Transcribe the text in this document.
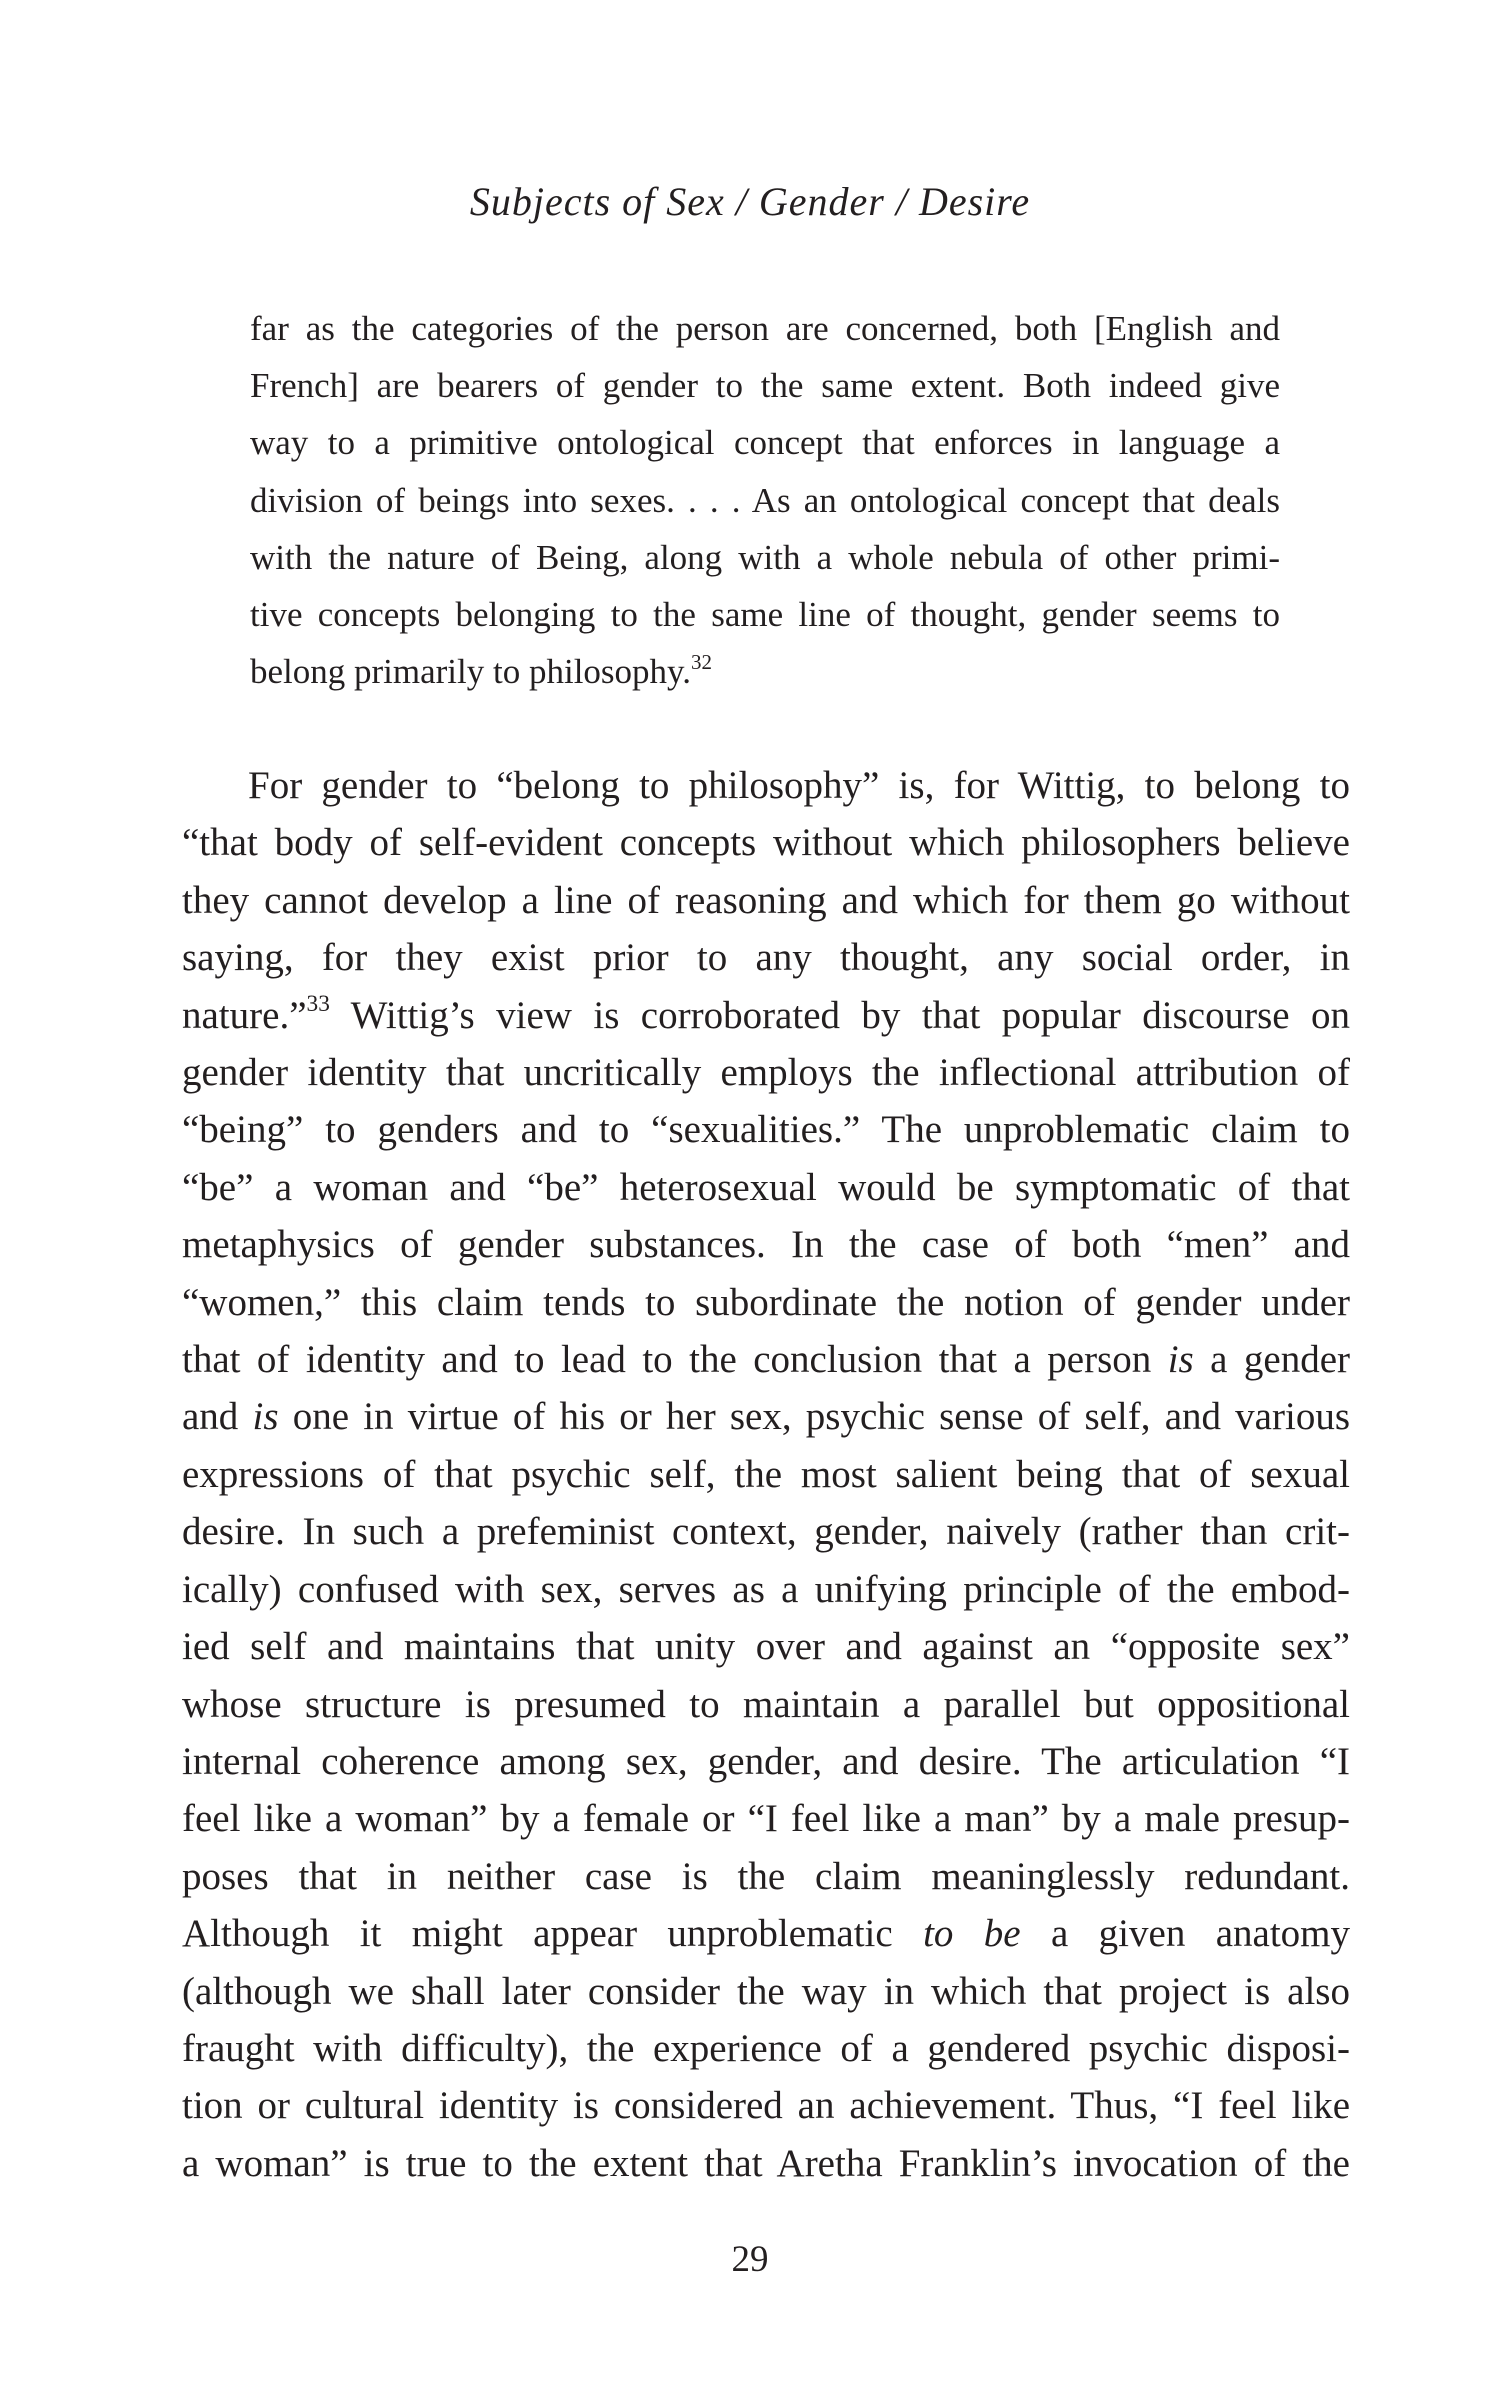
Subjects of Sex / Gender / Desire
far as the categories of the person are concerned, both [English and
French] are bearers of gender to the same extent. Both indeed give
way to a primitive ontological concept that enforces in language a
division of beings into sexes. . . . As an ontological concept that deals
with the nature of Being, along with a whole nebula of other primi-
tive concepts belonging to the same line of thought, gender seems to
belong primarily to philosophy.$^{32}$
For gender to “belong to philosophy” is, for Wittig, to belong to
“that body of self-evident concepts without which philosophers believe
they cannot develop a line of reasoning and which for them go without
saying, for they exist prior to any thought, any social order, in
nature.”$^{33}$ Wittig’s view is corroborated by that popular discourse on
gender identity that uncritically employs the inflectional attribution of
“being” to genders and to “sexualities.” The unproblematic claim to
“be” a woman and “be” heterosexual would be symptomatic of that
metaphysics of gender substances. In the case of both “men” and
“women,” this claim tends to subordinate the notion of gender under
that of identity and to lead to the conclusion that a person is a gender
and is one in virtue of his or her sex, psychic sense of self, and various
expressions of that psychic self, the most salient being that of sexual
desire. In such a prefeminist context, gender, naively (rather than crit-
ically) confused with sex, serves as a unifying principle of the embod-
ied self and maintains that unity over and against an “opposite sex”
whose structure is presumed to maintain a parallel but oppositional
internal coherence among sex, gender, and desire. The articulation “I
feel like a woman” by a female or “I feel like a man” by a male presup-
poses that in neither case is the claim meaninglessly redundant.
Although it might appear unproblematic to be a given anatomy
(although we shall later consider the way in which that project is also
fraught with difficulty), the experience of a gendered psychic disposi-
tion or cultural identity is considered an achievement. Thus, “I feel like
a woman” is true to the extent that Aretha Franklin’s invocation of the
29
